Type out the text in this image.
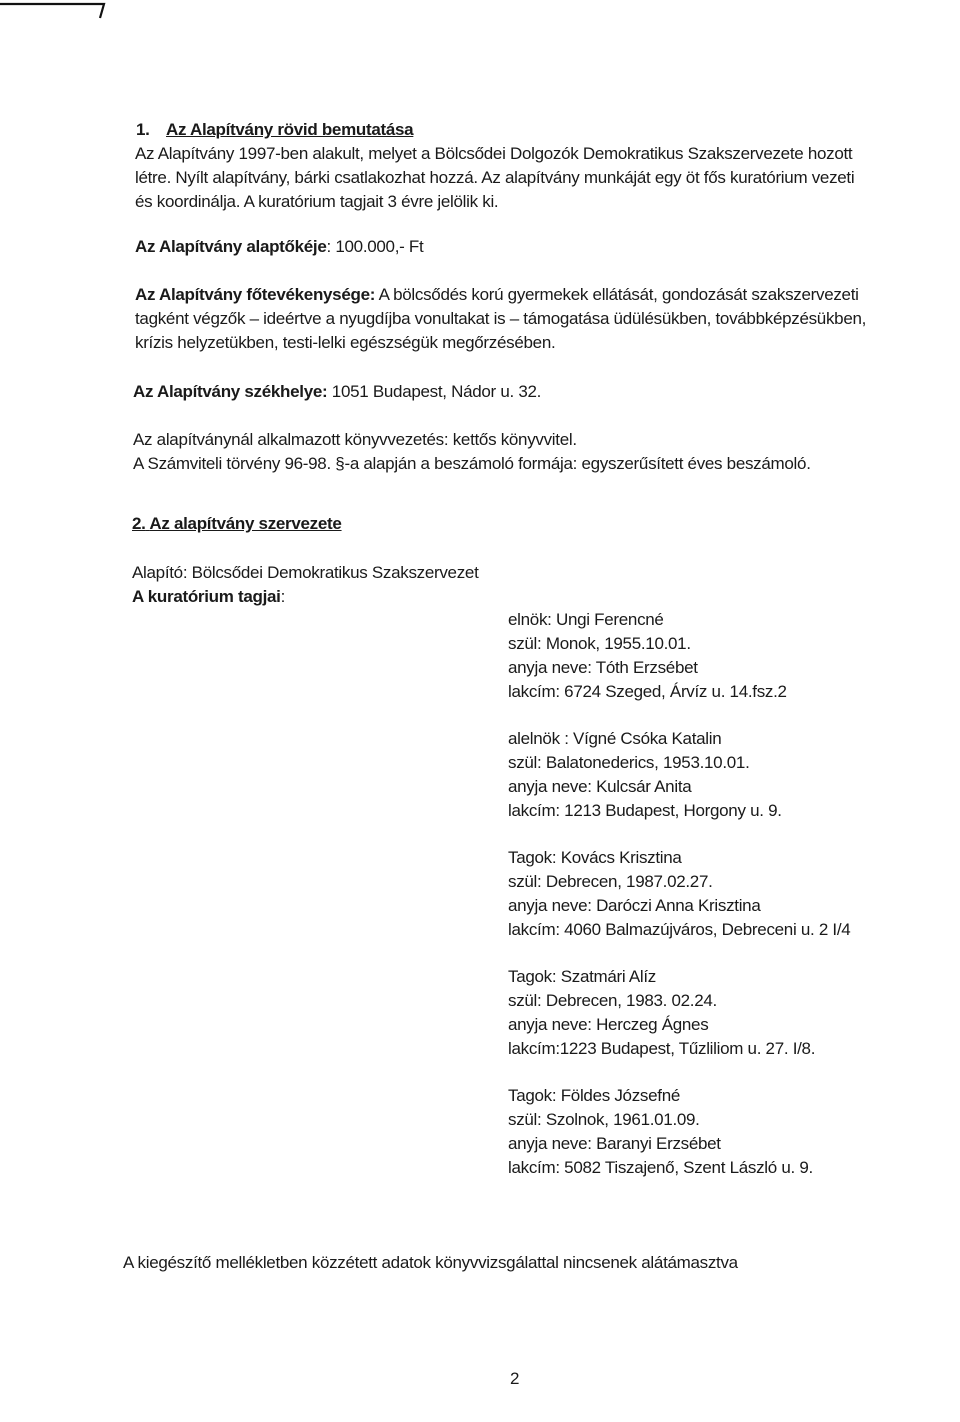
1. Az Alapítvány rövid bemutatása
Az Alapítvány 1997-ben alakult, melyet a Bölcsődei Dolgozók Demokratikus Szakszervezete hozott
létre. Nyílt alapítvány, bárki csatlakozhat hozzá. Az alapítvány munkáját egy öt fős kuratórium vezeti
és koordinálja. A kuratórium tagjait 3 évre jelölik ki.
Az Alapítvány alaptőkéje: 100.000,- Ft
Az Alapítvány főtevékenysége: A bölcsődés korú gyermekek ellátását, gondozását szakszervezeti
tagként végzők – ideértve a nyugdíjba vonultakat is – támogatása üdülésükben, továbbképzésükben,
krízis helyzetükben, testi-lelki egészségük megőrzésében.
Az Alapítvány székhelye: 1051 Budapest, Nádor u. 32.
Az alapítványnál alkalmazott könyvvezetés: kettős könyvvitel.
A Számviteli törvény 96-98. §-a alapján a beszámoló formája: egyszerűsített éves beszámoló.
2. Az alapítvány szervezete
Alapító: Bölcsődei Demokratikus Szakszervezet
A kuratórium tagjai:
elnök: Ungi Ferencné
szül: Monok, 1955.10.01.
anyja neve: Tóth Erzsébet
lakcím: 6724 Szeged, Árvíz u. 14.fsz.2
alelnök : Vígné Csóka Katalin
szül: Balatonederics, 1953.10.01.
anyja neve: Kulcsár Anita
lakcím: 1213 Budapest, Horgony u. 9.
Tagok: Kovács Krisztina
szül: Debrecen, 1987.02.27.
anyja neve: Daróczi Anna Krisztina
lakcím: 4060 Balmazújváros, Debreceni u. 2 I/4
Tagok: Szatmári Alíz
szül: Debrecen, 1983. 02.24.
anyja neve: Herczeg Ágnes
lakcím:1223 Budapest, Tűzliliom u. 27. I/8.
Tagok: Földes Józsefné
szül: Szolnok, 1961.01.09.
anyja neve: Baranyi Erzsébet
lakcím: 5082 Tiszajenő, Szent László u. 9.
A kiegészítő mellékletben közzétett adatok könyvvizsgálattal nincsenek alátámasztva
2
